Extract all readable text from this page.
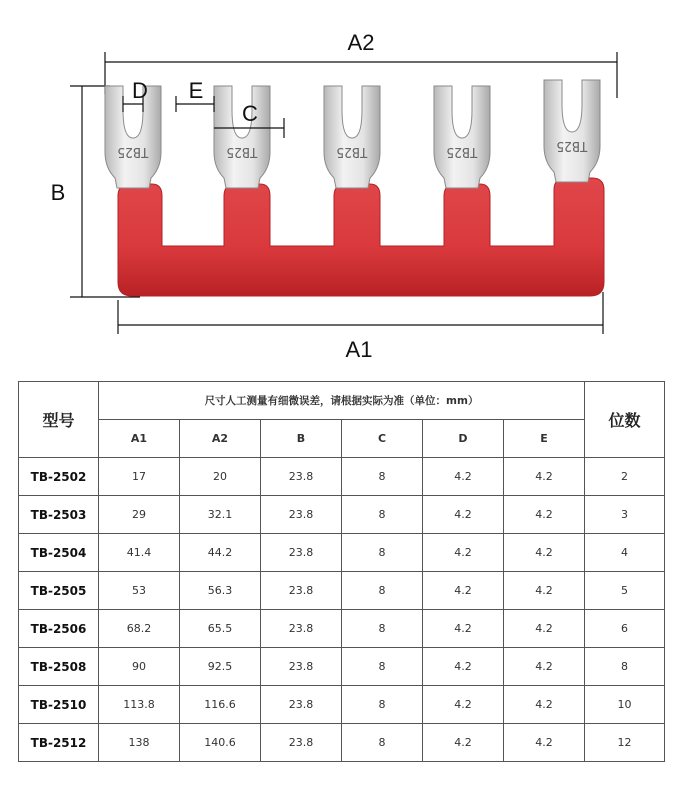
A2
B
A1
TB25	TB25	TB25	TB25	TB25
D E
C
型号	尺寸人工测量有细微误差，请根据实际为准（单位：mm）						位数
	A1	A2	B	C	D	E	
TB-2502	17	20	23.8	8	4.2	4.2	2
TB-2503	29	32.1	23.8	8	4.2	4.2	3
TB-2504	41.4	44.2	23.8	8	4.2	4.2	4
TB-2505	53	56.3	23.8	8	4.2	4.2	5
TB-2506	68.2	65.5	23.8	8	4.2	4.2	6
TB-2508	90	92.5	23.8	8	4.2	4.2	8
TB-2510	113.8	116.6	23.8	8	4.2	4.2	10
TB-2512	138	140.6	23.8	8	4.2	4.2	12
